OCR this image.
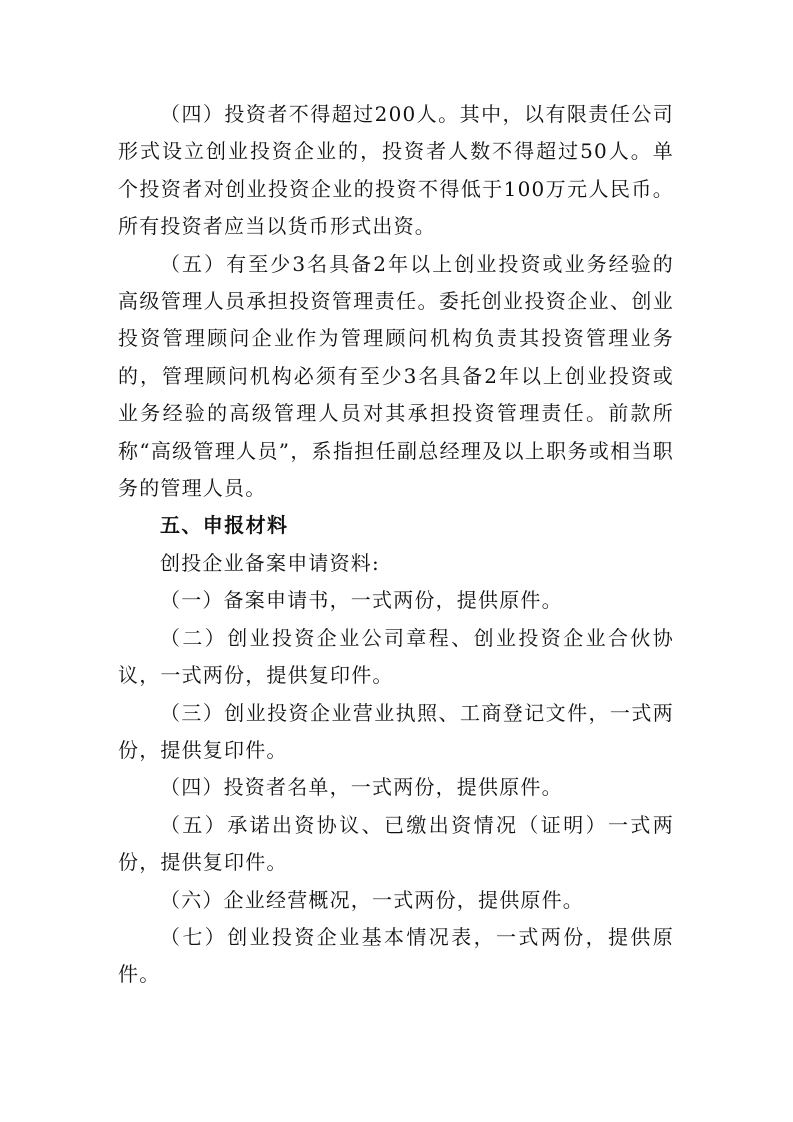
（四）投资者不得超过200人。其中，以有限责任公司形式设立创业投资企业的，投资者人数不得超过50人。单个投资者对创业投资企业的投资不得低于100万元人民币。所有投资者应当以货币形式出资。

（五）有至少3名具备2年以上创业投资或业务经验的高级管理人员承担投资管理责任。委托创业投资企业、创业投资管理顾问企业作为管理顾问机构负责其投资管理业务的，管理顾问机构必须有至少3名具备2年以上创业投资或业务经验的高级管理人员对其承担投资管理责任。前款所称“高级管理人员”，系指担任副总经理及以上职务或相当职务的管理人员。

五、申报材料

创投企业备案申请资料:

（一）备案申请书，一式两份，提供原件。

（二）创业投资企业公司章程、创业投资企业合伙协议，一式两份，提供复印件。

（三）创业投资企业营业执照、工商登记文件，一式两份，提供复印件。

（四）投资者名单，一式两份，提供原件。

（五）承诺出资协议、已缴出资情况（证明）一式两份，提供复印件。

（六）企业经营概况，一式两份，提供原件。

（七）创业投资企业基本情况表，一式两份，提供原件。
